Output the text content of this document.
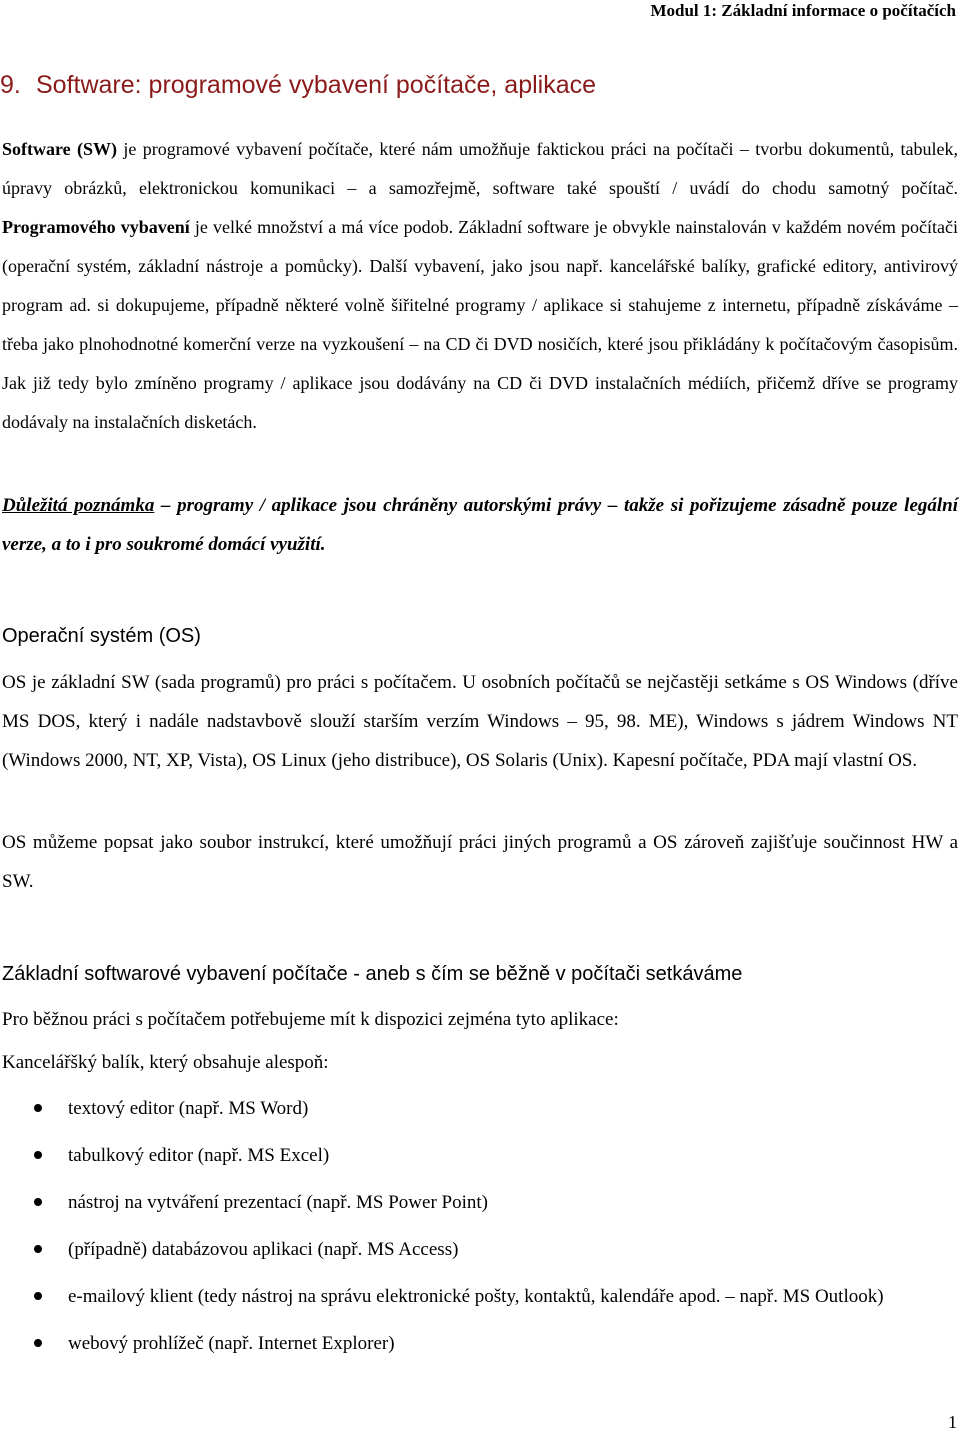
Modul 1: Základní informace o počítačích
9. Software: programové vybavení počítače, aplikace
Software (SW) je programové vybavení počítače, které nám umožňuje faktickou práci na počítači – tvorbu dokumentů, tabulek, úpravy obrázků, elektronickou komunikaci – a samozřejmě, software také spouští / uvádí do chodu samotný počítač. Programového vybavení je velké množství a má více podob. Základní software je obvykle nainstalován v každém novém počítači (operační systém, základní nástroje a pomůcky). Další vybavení, jako jsou např. kancelářské balíky, grafické editory, antivirový program ad. si dokupujeme, případně některé volně šiřitelné programy / aplikace si stahujeme z internetu, případně získáváme – třeba jako plnohodnotné komerční verze na vyzkoušení – na CD či DVD nosičích, které jsou přikládány k počítačovým časopisům. Jak již tedy bylo zmíněno programy / aplikace jsou dodávány na CD či DVD instalačních médiích, přičemž dříve se programy dodávaly na instalačních disketách.
Důležitá poznámka – programy / aplikace jsou chráněny autorskými právy – takže si pořizujeme zásadně pouze legální verze, a to i pro soukromé domácí využití.
Operační systém (OS)
OS je základní SW (sada programů) pro práci s počítačem. U osobních počítačů se nejčastěji setkáme s OS Windows (dříve MS DOS, který i nadále nadstavbově slouží starším verzím Windows – 95, 98. ME), Windows s jádrem Windows NT (Windows 2000, NT, XP, Vista), OS Linux (jeho distribuce), OS Solaris (Unix). Kapesní počítače, PDA mají vlastní OS.
OS můžeme popsat jako soubor instrukcí, které umožňují práci jiných programů a OS zároveň zajišťuje součinnost HW a SW.
Základní softwarové vybavení počítače - aneb s čím se běžně v počítači setkáváme
Pro běžnou práci s počítačem potřebujeme mít k dispozici zejména tyto aplikace:
Kancelářšký balík, který obsahuje alespoň:
textový editor (např. MS Word)
tabulkový editor (např. MS Excel)
nástroj na vytváření prezentací (např. MS Power Point)
(případně) databázovou aplikaci (např. MS Access)
e-mailový klient (tedy nástroj na správu elektronické pošty, kontaktů, kalendáře apod. – např. MS Outlook)
webový prohlížeč (např. Internet Explorer)
1
